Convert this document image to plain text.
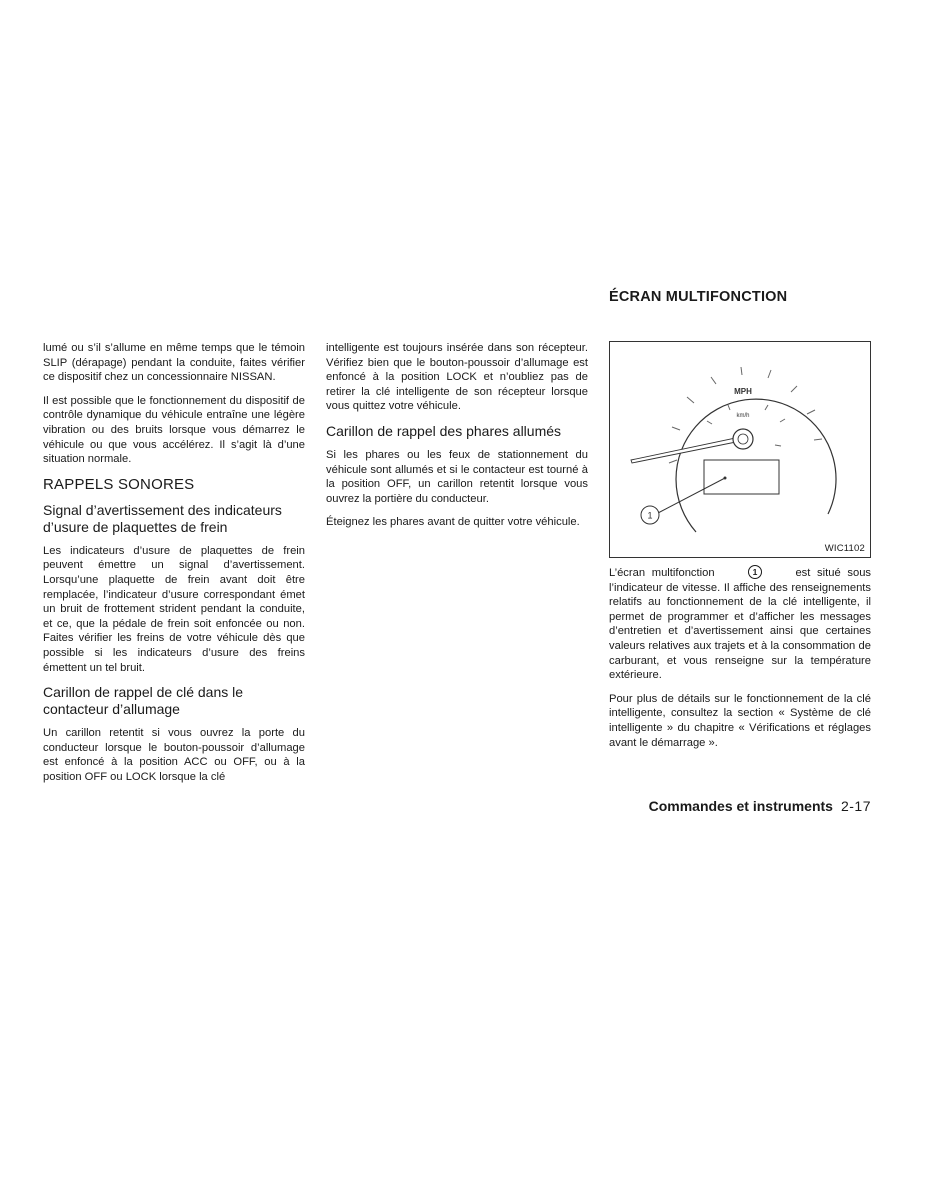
lumé ou s’il s’allume en même temps que le témoin SLIP (dérapage) pendant la conduite, faites vérifier ce dispositif chez un concessionnaire NISSAN.

Il est possible que le fonctionnement du dispositif de contrôle dynamique du véhicule entraîne une légère vibration ou des bruits lorsque vous démarrez le véhicule ou que vous accélérez. Il s’agit là d’une situation normale.

RAPPELS SONORES
Signal d’avertissement des indicateurs d’usure de plaquettes de frein

Les indicateurs d’usure de plaquettes de frein peuvent émettre un signal d’avertissement. Lorsqu’une plaquette de frein avant doit être remplacée, l’indicateur d’usure correspondant émet un bruit de frottement strident pendant la conduite, et ce, que la pédale de frein soit enfoncée ou non. Faites vérifier les freins de votre véhicule dès que possible si les indicateurs d’usure des freins émettent un tel bruit.

Carillon de rappel de clé dans le contacteur d’allumage

Un carillon retentit si vous ouvrez la porte du conducteur lorsque le bouton-poussoir d’allumage est enfoncé à la position ACC ou OFF, ou à la position OFF ou LOCK lorsque la clé

intelligente est toujours insérée dans son récepteur. Vérifiez bien que le bouton-poussoir d’allumage est enfoncé à la position LOCK et n’oubliez pas de retirer la clé intelligente de son récepteur lorsque vous quittez votre véhicule.

Carillon de rappel des phares allumés

Si les phares ou les feux de stationnement du véhicule sont allumés et si le contacteur est tourné à la position OFF, un carillon retentit lorsque vous ouvrez la portière du conducteur.

Éteignez les phares avant de quitter votre véhicule.

ÉCRAN MULTIFONCTION
MPH
km/h
1
WIC1102

L’écran multifonction	1	est situé sous l’indicateur de vitesse. Il affiche des renseignements relatifs au fonctionnement de la clé intelligente, il permet de programmer et d’afficher les messages d’entretien et d’avertissement ainsi que certaines valeurs relatives aux trajets et à la consommation de carburant, et vous renseigne sur la température extérieure.

Pour plus de détails sur le fonctionnement de la clé intelligente, consultez la section « Système de clé intelligente » du chapitre « Vérifications et réglages avant le démarrage ».

Commandes et instruments 2-17
